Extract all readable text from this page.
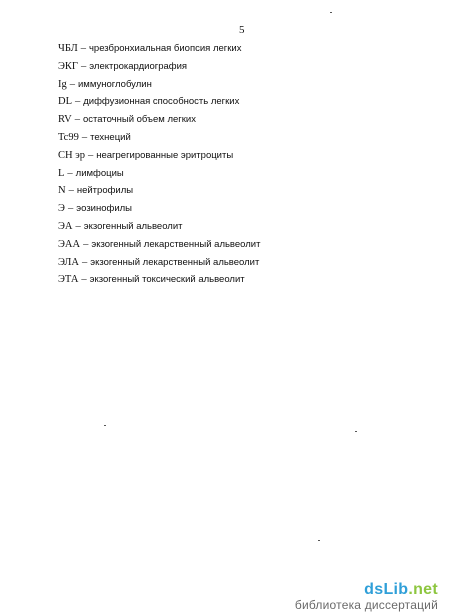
5
ЧБЛ – чрезбронхиальная биопсия легких
ЭКГ – электрокардиография
Ig – иммуноглобулин
DL – диффузионная способность легких
RV – остаточный объем легких
Tc99 – технеций
СН эр – неагрегированные эритроциты
L – лимфоциы
N – нейтрофилы
Э – эозинофилы
ЭА – экзогенный альвеолит
ЭАА – экзогенный лекарственный альвеолит
ЭЛА – экзогенный лекарственный альвеолит
ЭТА – экзогенный токсический альвеолит
dsLib.net
библиотека диссертаций
